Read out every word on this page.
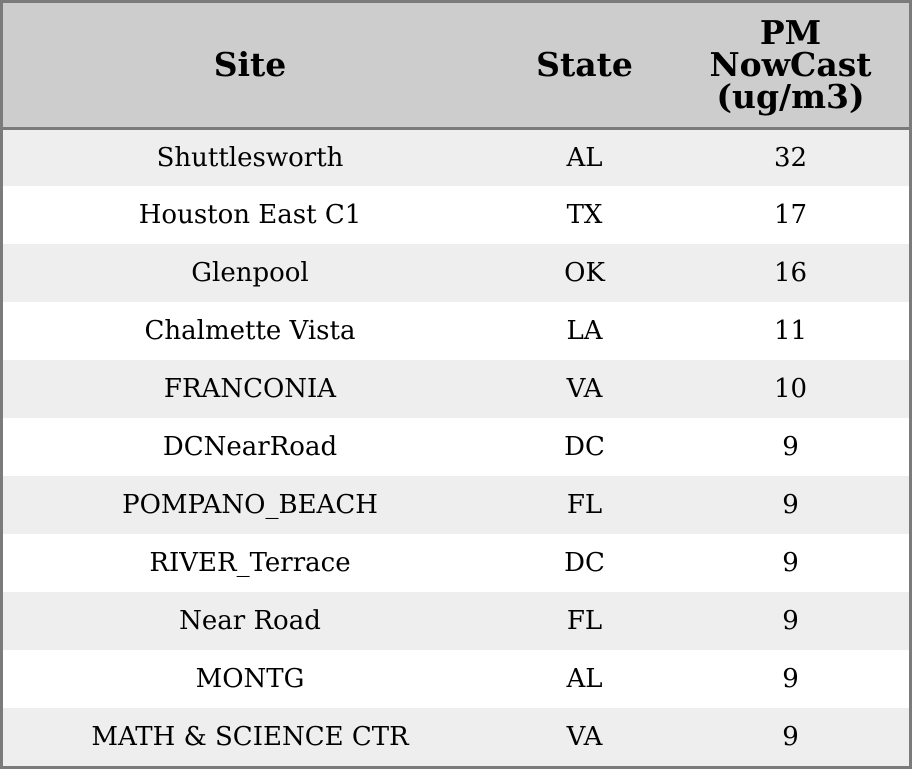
Site	State	PM
NowCast
(ug/m3)
Shuttlesworth	AL	32
Houston East C1	TX	17
Glenpool	OK	16
Chalmette Vista	LA	11
FRANCONIA	VA	10
DCNearRoad	DC	9
POMPANO_BEACH	FL	9
RIVER_Terrace	DC	9
Near Road	FL	9
MONTG	AL	9
MATH & SCIENCE CTR	VA	9
